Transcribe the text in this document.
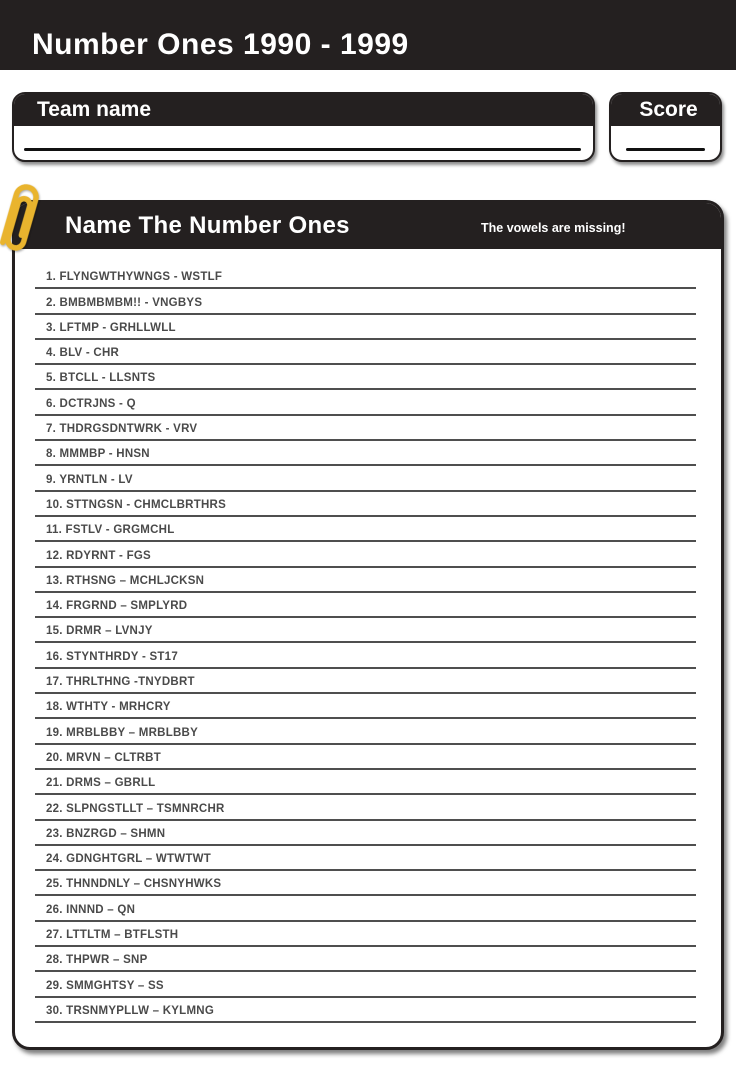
Number Ones 1990 - 1999
Team name	Score
Name The Number Ones	The vowels are missing!
1. FLYNGWTHYWNGS - WSTLF
2. BMBMBMBM!! - VNGBYS
3. LFTMP - GRHLLWLL
4. BLV - CHR
5. BTCLL - LLSNTS
6. DCTRJNS - Q
7. THDRGSDNTWRK - VRV
8. MMMBP - HNSN
9. YRNTLN - LV
10. STTNGSN - CHMCLBRTHRS
11. FSTLV - GRGMCHL
12. RDYRNT - FGS
13. RTHSNG – MCHLJCKSN
14. FRGRND – SMPLYRD
15. DRMR – LVNJY
16. STYNTHRDY - ST17
17. THRLTHNG -TNYDBRT
18. WTHTY - MRHCRY
19. MRBLBBY – MRBLBBY
20. MRVN – CLTRBT
21. DRMS – GBRLL
22. SLPNGSTLLT – TSMNRCHR
23. BNZRGD – SHMN
24. GDNGHTGRL – WTWTWT
25. THNNDNLY – CHSNYHWKS
26. INNND – QN
27. LTTLTM – BTFLSTH
28. THPWR – SNP
29. SMMGHTSY – SS
30. TRSNMYPLLW – KYLMNG
